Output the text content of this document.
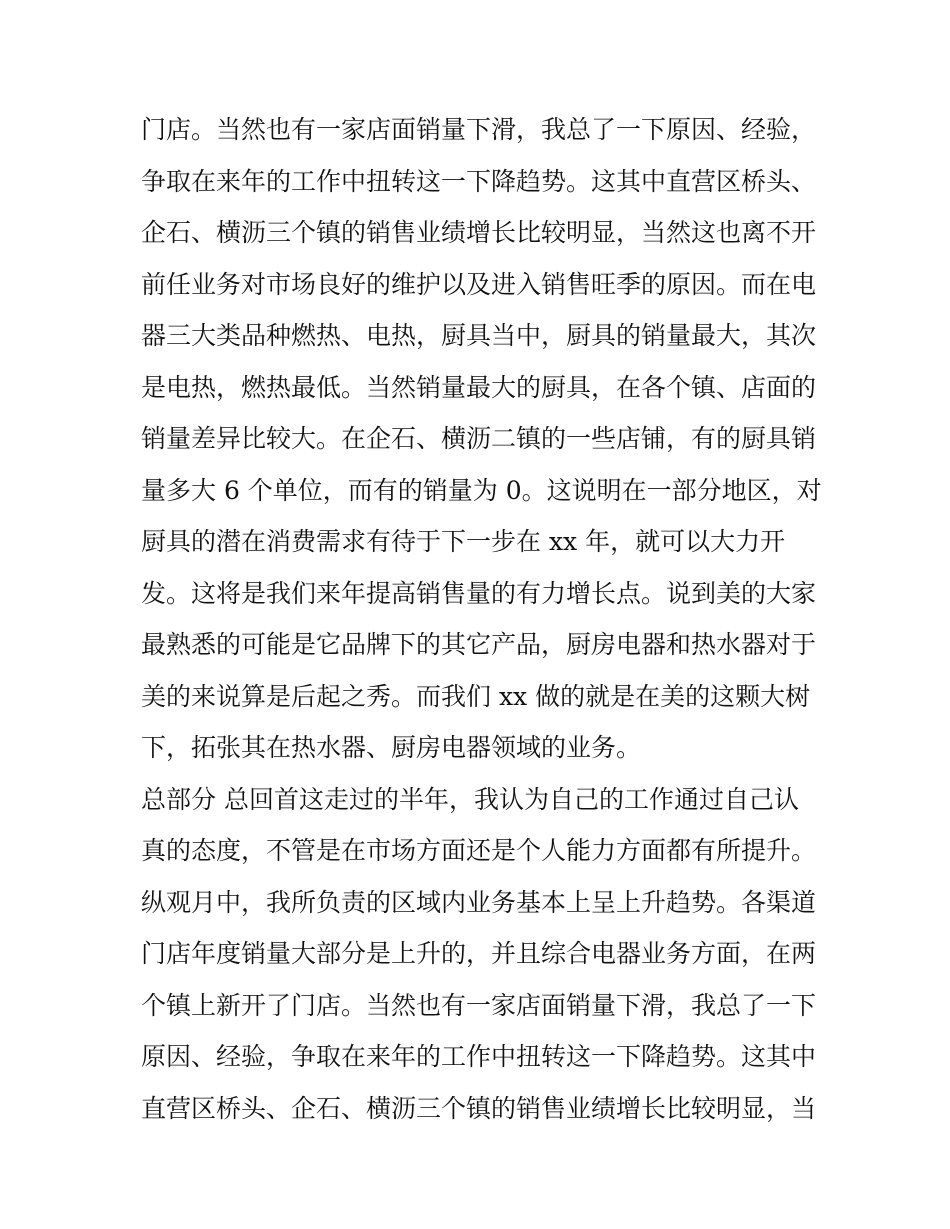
门店。当然也有一家店面销量下滑，我总了一下原因、经验，
争取在来年的工作中扭转这一下降趋势。这其中直营区桥头、
企石、横沥三个镇的销售业绩增长比较明显，当然这也离不开
前任业务对市场良好的维护以及进入销售旺季的原因。而在电
器三大类品种燃热、电热，厨具当中，厨具的销量最大，其次
是电热，燃热最低。当然销量最大的厨具，在各个镇、店面的
销量差异比较大。在企石、横沥二镇的一些店铺，有的厨具销
量多大 6 个单位，而有的销量为 0。这说明在一部分地区，对
厨具的潜在消费需求有待于下一步在 xx 年，就可以大力开
发。这将是我们来年提高销售量的有力增长点。说到美的大家
最熟悉的可能是它品牌下的其它产品，厨房电器和热水器对于
美的来说算是后起之秀。而我们 xx 做的就是在美的这颗大树
下，拓张其在热水器、厨房电器领域的业务。
总部分 总回首这走过的半年，我认为自己的工作通过自己认
真的态度，不管是在市场方面还是个人能力方面都有所提升。
纵观月中，我所负责的区域内业务基本上呈上升趋势。各渠道
门店年度销量大部分是上升的，并且综合电器业务方面，在两
个镇上新开了门店。当然也有一家店面销量下滑，我总了一下
原因、经验，争取在来年的工作中扭转这一下降趋势。这其中
直营区桥头、企石、横沥三个镇的销售业绩增长比较明显，当
